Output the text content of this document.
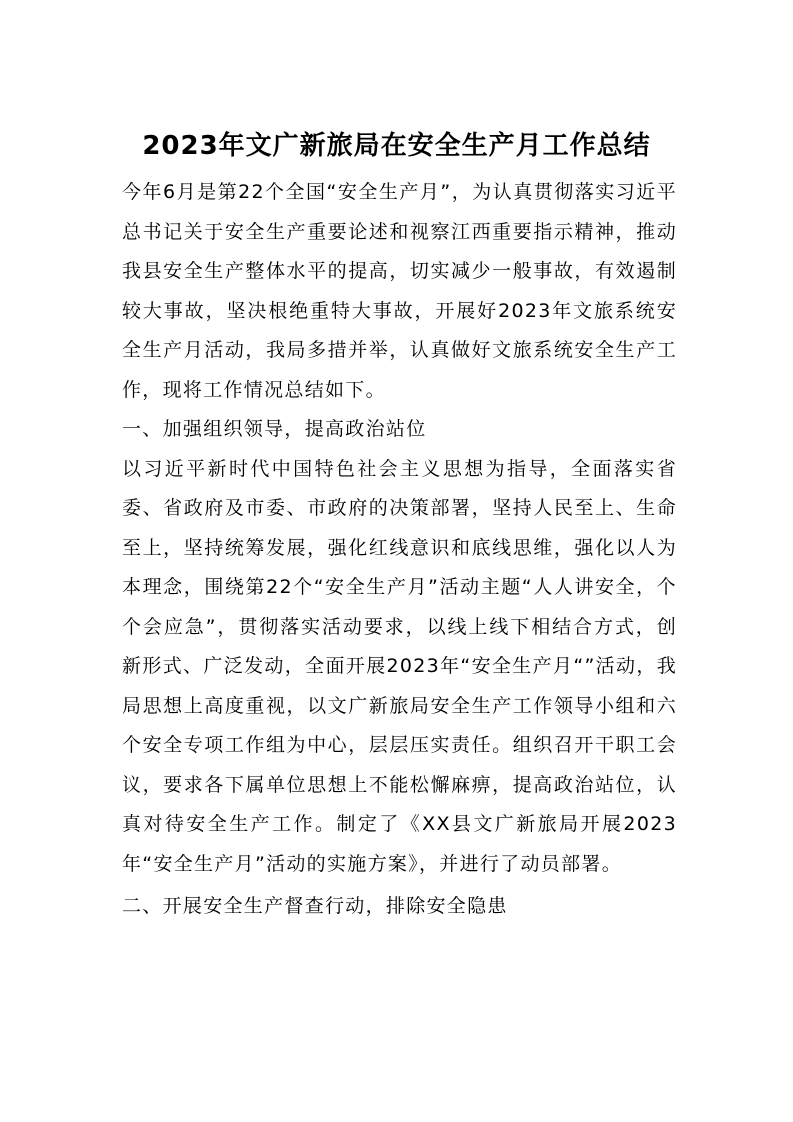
2023年文广新旅局在安全生产月工作总结

今年6月是第22个全国“安全生产月”，为认真贯彻落实习近平总书记关于安全生产重要论述和视察江西重要指示精神，推动我县安全生产整体水平的提高，切实减少一般事故，有效遏制较大事故，坚决根绝重特大事故，开展好2023年文旅系统安全生产月活动，我局多措并举，认真做好文旅系统安全生产工作，现将工作情况总结如下。

一、加强组织领导，提高政治站位

以习近平新时代中国特色社会主义思想为指导，全面落实省委、省政府及市委、市政府的决策部署，坚持人民至上、生命至上，坚持统筹发展，强化红线意识和底线思维，强化以人为本理念，围绕第22个“安全生产月”活动主题“人人讲安全，个个会应急”，贯彻落实活动要求，以线上线下相结合方式，创新形式、广泛发动，全面开展2023年“安全生产月“”活动，我局思想上高度重视，以文广新旅局安全生产工作领导小组和六个安全专项工作组为中心，层层压实责任。组织召开干职工会议，要求各下属单位思想上不能松懈麻痹，提高政治站位，认真对待安全生产工作。制定了《XX县文广新旅局开展2023年“安全生产月”活动的实施方案》，并进行了动员部署。

二、开展安全生产督查行动，排除安全隐患
